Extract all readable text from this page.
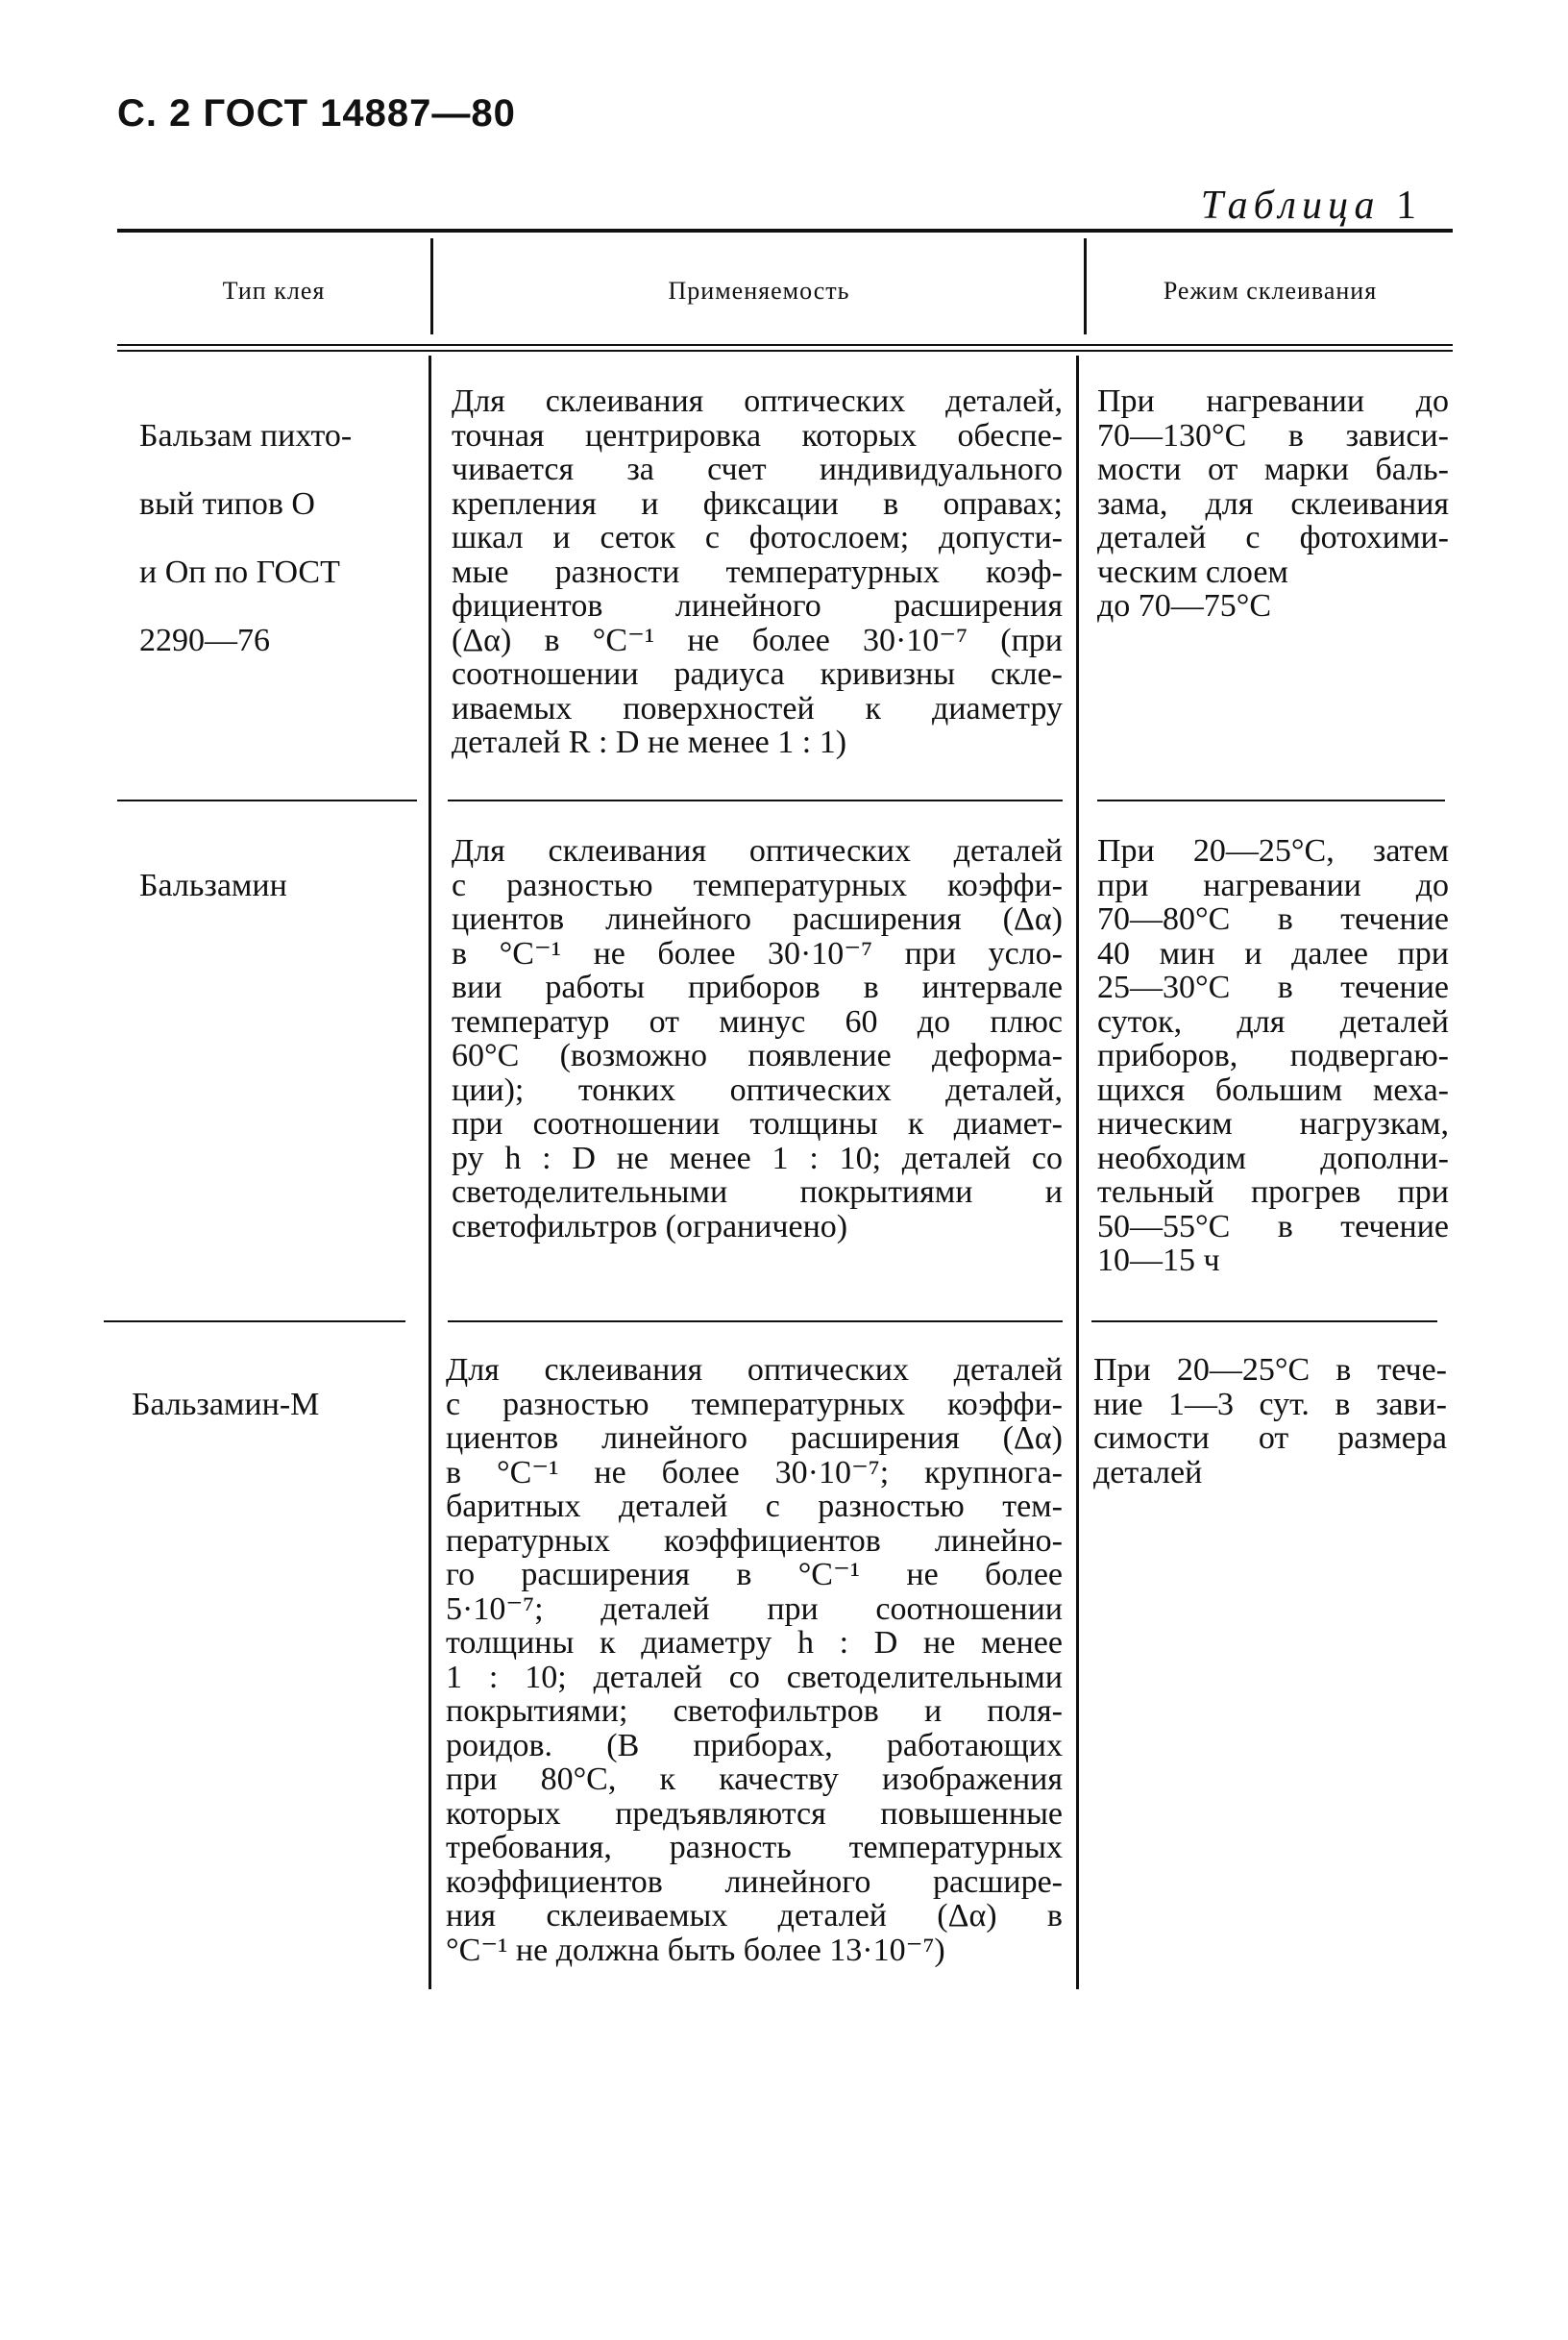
С. 2 ГОСТ 14887—80
Таблица 1
Тип клея	Применяемость	Режим склеивания

Бальзам пихто-

вый типов О

и Оп по ГОСТ

2290—76

Для склеивания оптических деталей,
точная центрировка которых обеспе-
чивается за счет индивидуального
крепления и фиксации в оправах;
шкал и сеток с фотослоем; допусти-
мые разности температурных коэф-
фициентов линейного расширения
(Δα) в °С⁻¹ не более 30·10⁻⁷ (при
соотношении радиуса кривизны скле-
иваемых поверхностей к диаметру
деталей R : D не менее 1 : 1)
При нагревании до
70—130°С в зависи-
мости от марки баль-
зама, для склеивания
деталей с фотохими-
ческим слоем
до 70—75°С

Бальзамин

Для склеивания оптических деталей
с разностью температурных коэффи-
циентов линейного расширения (Δα)
в °С⁻¹ не более 30·10⁻⁷ при усло-
вии работы приборов в интервале
температур от минус 60 до плюс
60°С (возможно появление деформа-
ции); тонких оптических деталей,
при соотношении толщины к диамет-
ру h : D не менее 1 : 10; деталей со
светоделительными покрытиями и
светофильтров (ограничено)
При 20—25°С, затем
при нагревании до
70—80°С в течение
40 мин и далее при
25—30°С в течение
суток, для деталей
приборов, подвергаю-
щихся большим меха-
ническим нагрузкам,
необходим дополни-
тельный прогрев при
50—55°С в течение
10—15 ч

Бальзамин-М

Для склеивания оптических деталей
с разностью температурных коэффи-
циентов линейного расширения (Δα)
в °С⁻¹ не более 30·10⁻⁷; крупнога-
баритных деталей с разностью тем-
пературных коэффициентов линейно-
го расширения в °С⁻¹ не более
5·10⁻⁷; деталей при соотношении
толщины к диаметру h : D не менее
1 : 10; деталей со светоделительными
покрытиями; светофильтров и поля-
роидов. (В приборах, работающих
при 80°С, к качеству изображения
которых предъявляются повышенные
требования, разность температурных
коэффициентов линейного расшире-
ния склеиваемых деталей (Δα) в
°С⁻¹ не должна быть более 13·10⁻⁷)
При 20—25°С в тече-
ние 1—3 сут. в зави-
симости от размера
деталей
